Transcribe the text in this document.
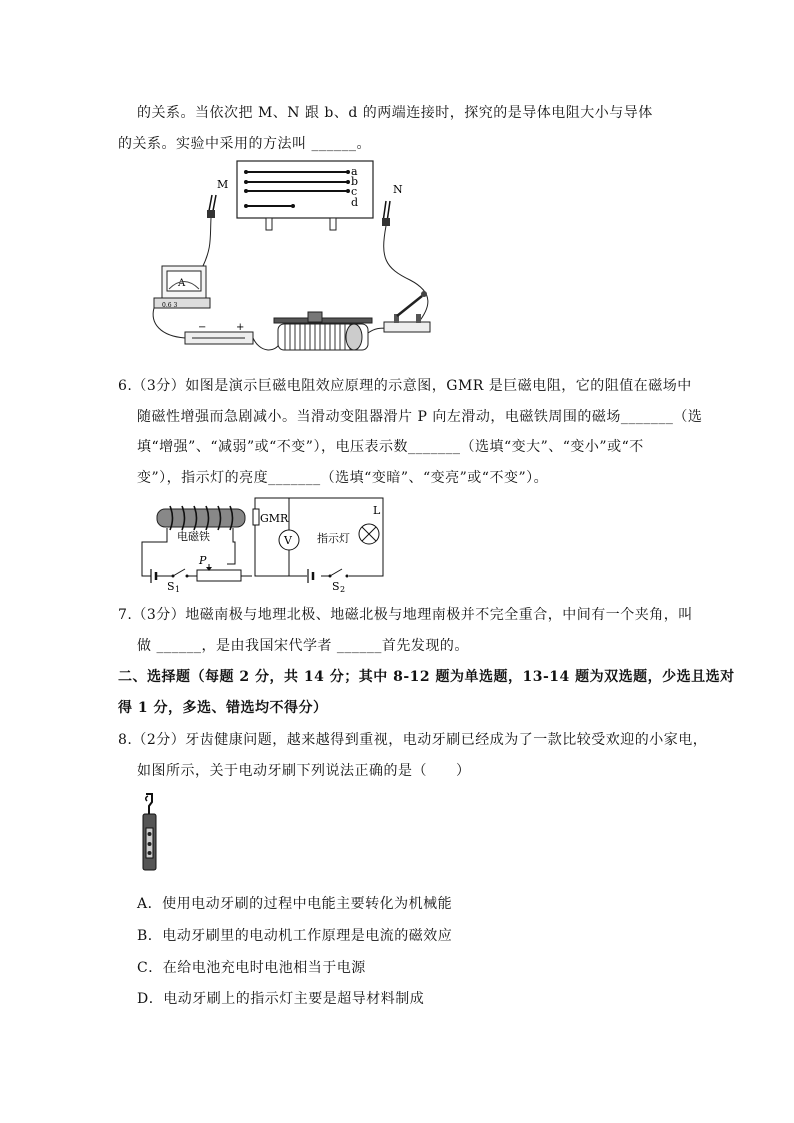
的关系。当依次把 M、N 跟 b、d 的两端连接时，探究的是导体电阻大小与导体
的关系。实验中采用的方法叫 ______。
a
b
c
d
M	N
A
0.6 3
−	+
6.（3分）如图是演示巨磁电阻效应原理的示意图，GMR 是巨磁电阻，它的阻值在磁场中
随磁性增强而急剧减小。当滑动变阻器滑片 P 向左滑动，电磁铁周围的磁场_______（选
填“增强”、“减弱”或“不变”），电压表示数_______（选填“变大”、“变小”或“不
变”），指示灯的亮度_______（选填“变暗”、“变亮”或“不变”）。
电磁铁
S 1
P
GMR
V 指示灯
L
S 2
7.（3分）地磁南极与地理北极、地磁北极与地理南极并不完全重合，中间有一个夹角，叫
做 ______，是由我国宋代学者 ______首先发现的。
二、选择题（每题 2 分，共 14 分；其中 8-12 题为单选题，13-14 题为双选题，少选且选对
得 1 分，多选、错选均不得分）
8.（2分）牙齿健康问题，越来越得到重视，电动牙刷已经成为了一款比较受欢迎的小家电，
如图所示，关于电动牙刷下列说法正确的是（　　）
A．使用电动牙刷的过程中电能主要转化为机械能
B．电动牙刷里的电动机工作原理是电流的磁效应
C．在给电池充电时电池相当于电源
D．电动牙刷上的指示灯主要是超导材料制成
